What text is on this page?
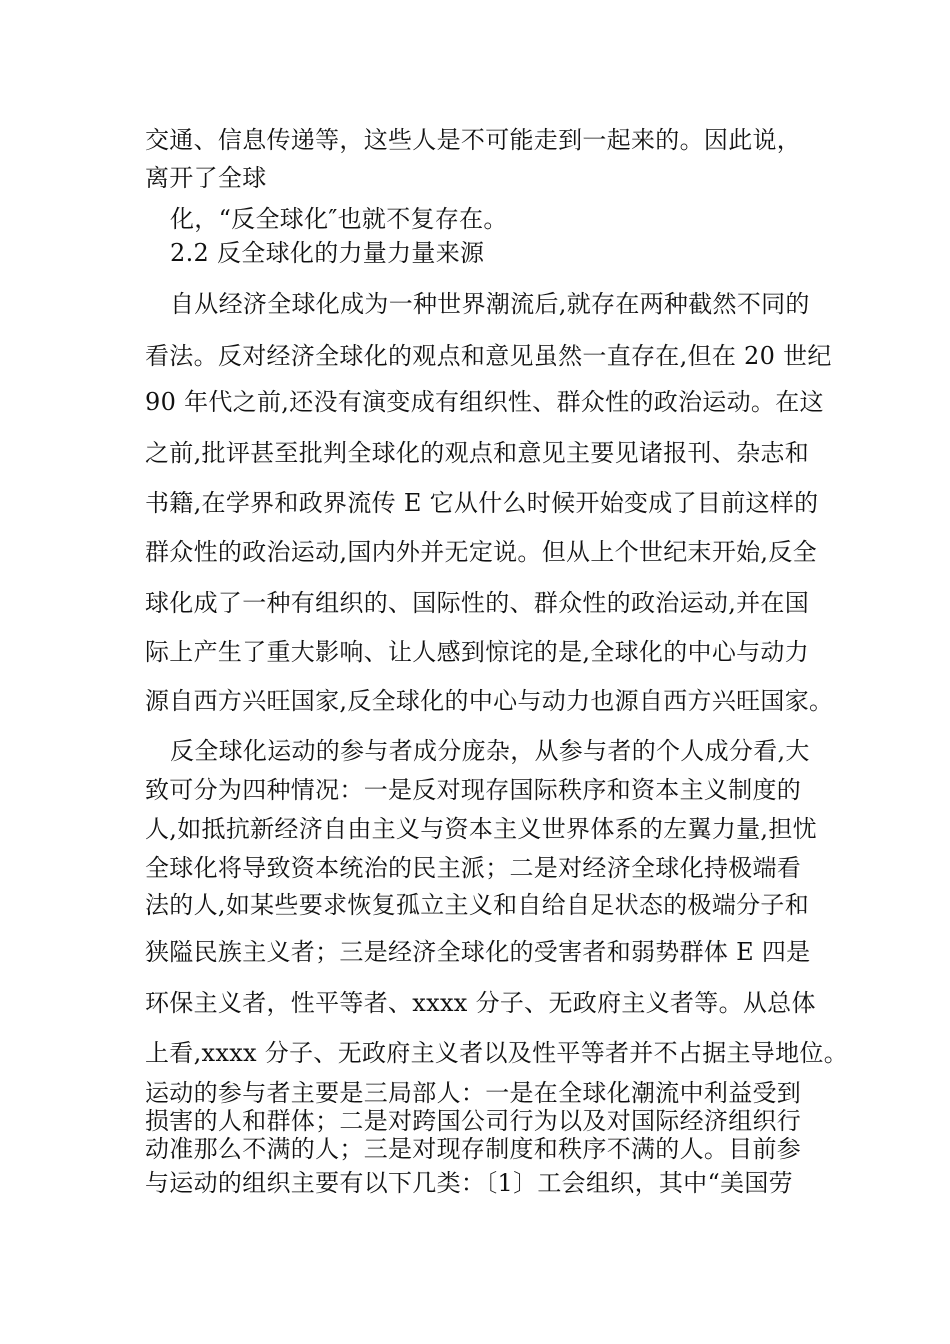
交通、信息传递等，这些人是不可能走到一起来的。因此说，
离开了全球
化，“反全球化″也就不复存在。
2.2 反全球化的力量力量来源
自从经济全球化成为一种世界潮流后,就存在两种截然不同的
看法。反对经济全球化的观点和意见虽然一直存在,但在 20 世纪
90 年代之前,还没有演变成有组织性、群众性的政治运动。在这
之前,批评甚至批判全球化的观点和意见主要见诸报刊、杂志和
书籍,在学界和政界流传 E 它从什么时候开始变成了目前这样的
群众性的政治运动,国内外并无定说。但从上个世纪末开始,反全
球化成了一种有组织的、国际性的、群众性的政治运动,并在国
际上产生了重大影响、让人感到惊诧的是,全球化的中心与动力
源自西方兴旺国家,反全球化的中心与动力也源自西方兴旺国家。
反全球化运动的参与者成分庞杂，从参与者的个人成分看,大
致可分为四种情况：一是反对现存国际秩序和资本主义制度的
人,如抵抗新经济自由主义与资本主义世界体系的左翼力量,担忧
全球化将导致资本统治的民主派；二是对经济全球化持极端看
法的人,如某些要求恢复孤立主义和自给自足状态的极端分子和
狭隘民族主义者；三是经济全球化的受害者和弱势群体 E 四是
环保主义者，性平等者、xxxx 分子、无政府主义者等。从总体
上看,xxxx 分子、无政府主义者以及性平等者并不占据主导地位。
运动的参与者主要是三局部人：一是在全球化潮流中利益受到
损害的人和群体；二是对跨国公司行为以及对国际经济组织行
动准那么不满的人；三是对现存制度和秩序不满的人。目前参
与运动的组织主要有以下几类：〔1〕工会组织，其中“美国劳
